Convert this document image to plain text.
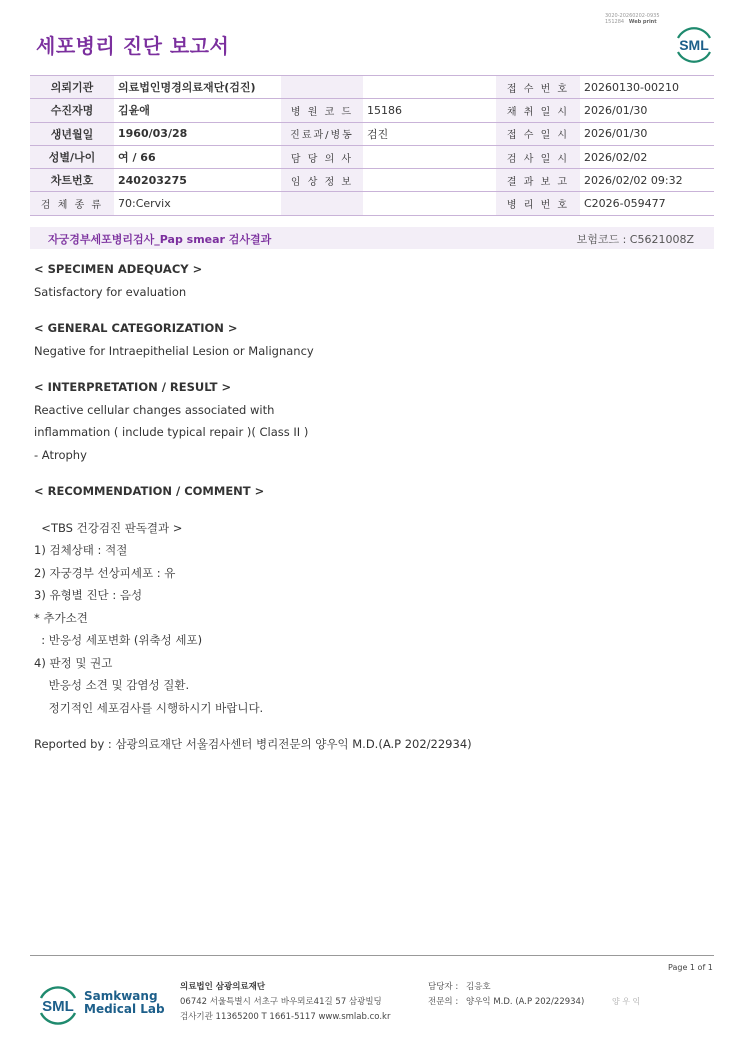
3020-20260202-0935
151284 Web print
세포병리 진단 보고서	SML
의뢰기관	의료법인명경의료재단(검진)			접 수 번 호	20260130-00210
수진자명	김윤애	병 원 코 드	15186	채 취 일 시	2026/01/30
생년월일	1960/03/28	진료과/병동	검진	접 수 일 시	2026/01/30
성별/나이	여 / 66	담 당 의 사		검 사 일 시	2026/02/02
차트번호	240203275	임 상 정 보		결 과 보 고	2026/02/02 09:32
검 체 종 류	70:Cervix			병 리 번 호	C2026-059477
자궁경부세포병리검사_Pap smear 검사결과	보험코드 : C5621008Z
< SPECIMEN ADEQUACY >
Satisfactory for evaluation
< GENERAL CATEGORIZATION >
Negative for Intraepithelial Lesion or Malignancy
< INTERPRETATION / RESULT >
Reactive cellular changes associated with
inflammation ( include typical repair )( Class II )
- Atrophy
< RECOMMENDATION / COMMENT >
<TBS 건강검진 판독결과 >
1) 검체상태 : 적절
2) 자궁경부 선상피세포 : 유
3) 유형별 진단 : 음성
* 추가소견
: 반응성 세포변화 (위축성 세포)
4) 판정 및 권고
반응성 소견 및 감염성 질환.
정기적인 세포검사를 시행하시기 바랍니다.
Reported by : 삼광의료재단 서울검사센터 병리전문의 양우익 M.D.(A.P 202/22934)
Page 1 of 1
SML
Samkwang
Medical Lab
의료법인 삼광의료재단
06742 서울특별시 서초구 바우뫼로41길 57 삼광빌딩
검사기관 11365200 T 1661-5117 www.smlab.co.kr
담당자 : 김응호
전문의 : 양우익 M.D. (A.P 202/22934)	양 우 익
